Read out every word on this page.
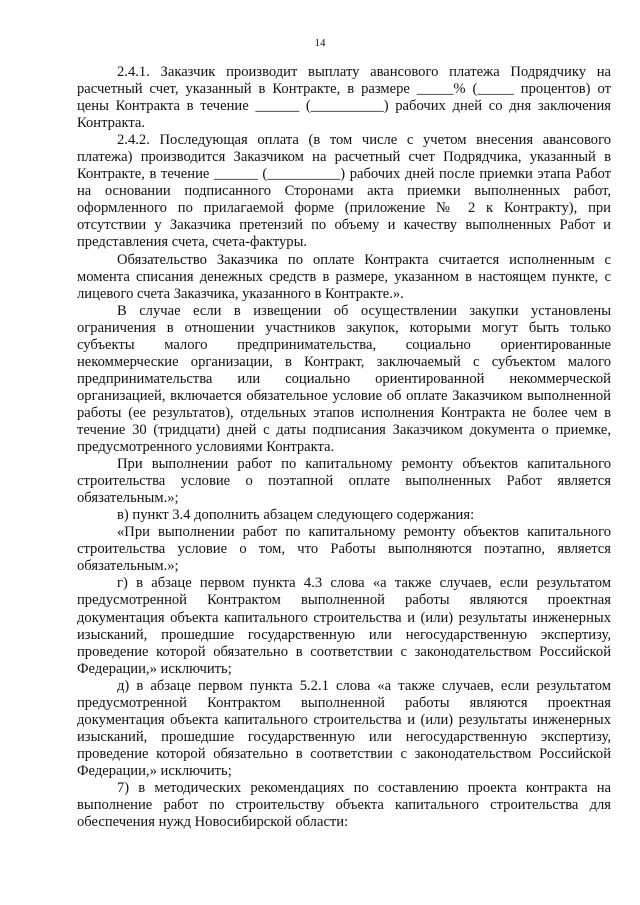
14

2.4.1. Заказчик производит выплату авансового платежа Подрядчику на расчетный счет, указанный в Контракте, в размере _____% (_____ процентов) от цены Контракта в течение ______ (__________) рабочих дней со дня заключения Контракта.

2.4.2. Последующая оплата (в том числе с учетом внесения авансового платежа) производится Заказчиком на расчетный счет Подрядчика, указанный в Контракте, в течение ______ (__________) рабочих дней после приемки этапа Работ на основании подписанного Сторонами акта приемки выполненных работ, оформленного по прилагаемой форме (приложение № 2 к Контракту), при отсутствии у Заказчика претензий по объему и качеству выполненных Работ и представления счета, счета-фактуры.

Обязательство Заказчика по оплате Контракта считается исполненным с момента списания денежных средств в размере, указанном в настоящем пункте, с лицевого счета Заказчика, указанного в Контракте.».

В случае если в извещении об осуществлении закупки установлены ограничения в отношении участников закупок, которыми могут быть только субъекты малого предпринимательства, социально ориентированные некоммерческие организации, в Контракт, заключаемый с субъектом малого предпринимательства или социально ориентированной некоммерческой организацией, включается обязательное условие об оплате Заказчиком выполненной работы (ее результатов), отдельных этапов исполнения Контракта не более чем в течение 30 (тридцати) дней с даты подписания Заказчиком документа о приемке, предусмотренного условиями Контракта.

При выполнении работ по капитальному ремонту объектов капитального строительства условие о поэтапной оплате выполненных Работ является обязательным.»;

в) пункт 3.4 дополнить абзацем следующего содержания:

«При выполнении работ по капитальному ремонту объектов капитального строительства условие о том, что Работы выполняются поэтапно, является обязательным.»;

г) в абзаце первом пункта 4.3 слова «а также случаев, если результатом предусмотренной Контрактом выполненной работы являются проектная документация объекта капитального строительства и (или) результаты инженерных изысканий, прошедшие государственную или негосударственную экспертизу, проведение которой обязательно в соответствии с законодательством Российской Федерации,» исключить;

д) в абзаце первом пункта 5.2.1 слова «а также случаев, если результатом предусмотренной Контрактом выполненной работы являются проектная документация объекта капитального строительства и (или) результаты инженерных изысканий, прошедшие государственную или негосударственную экспертизу, проведение которой обязательно в соответствии с законодательством Российской Федерации,» исключить;

7) в методических рекомендациях по составлению проекта контракта на выполнение работ по строительству объекта капитального строительства для обеспечения нужд Новосибирской области:
